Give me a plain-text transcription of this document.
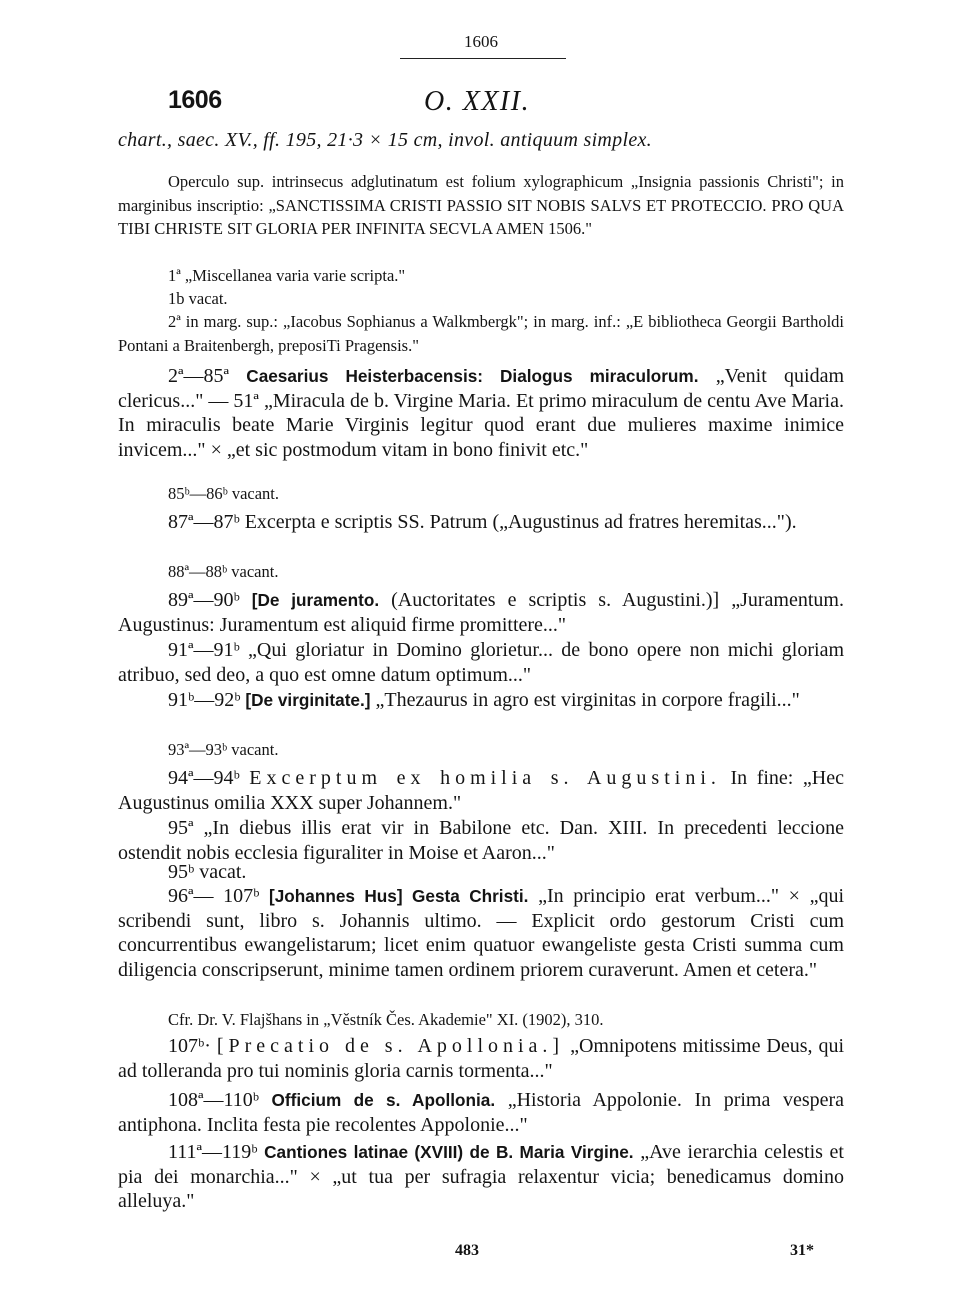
1606
1606	O. XXII.
chart., saec. XV., ff. 195, 21·3 × 15 cm, invol. antiquum simplex.
Operculo sup. intrinsecus adglutinatum est folium xylographicum „Insignia passionis Christi"; in marginibus inscriptio: „SANCTISSIMA CRISTI PASSIO SIT NOBIS SALVS ET PROTECCIO. PRO QUA TIBI CHRISTE SIT GLORIA PER INFINITA SECVLA AMEN 1506."
1ª „Miscellanea varia varie scripta."
1b vacat.
2ª in marg. sup.: „Iacobus Sophianus a Walkmbergk"; in marg. inf.: „E bibliotheca Georgii Bartholdi Pontani a Braitenbergh, preposiTi Pragensis."
2ª—85ª Caesarius Heisterbacensis: Dialogus miraculorum. „Venit quidam clericus..." — 51ª „Miracula de b. Virgine Maria. Et primo miraculum de centu Ave Maria. In miraculis beate Marie Virginis legitur quod erant due mulieres maxime inimice invicem..." × „et sic postmodum vitam in bono finivit etc."
85ᵇ—86ᵇ vacant.
87ª—87ᵇ Excerpta e scriptis SS. Patrum („Augustinus ad fratres heremitas...").
88ª—88ᵇ vacant.
89ª—90ᵇ [De juramento. (Auctoritates e scriptis s. Augustini.)] „Juramentum. Augustinus: Juramentum est aliquid firme promittere..."
91ª—91ᵇ „Qui gloriatur in Domino glorietur... de bono opere non michi gloriam atribuo, sed deo, a quo est omne datum optimum..."
91ᵇ—92ᵇ [De virginitate.] „Thezaurus in agro est virginitas in corpore fragili..."
93ª—93ᵇ vacant.
94ª—94ᵇ Excerptum ex homilia s. Augustini. In fine: „Hec Augustinus omilia XXX super Johannem."
95ª „In diebus illis erat vir in Babilone etc. Dan. XIII. In precedenti leccione ostendit nobis ecclesia figuraliter in Moise et Aaron..."
95ᵇ vacat.
96ª— 107ᵇ [Johannes Hus] Gesta Christi. „In principio erat verbum..." × „qui scribendi sunt, libro s. Johannis ultimo. — Explicit ordo gestorum Cristi cum concurrentibus ewangelistarum; licet enim quatuor ewangeliste gesta Cristi summa cum diligencia conscripserunt, minime tamen ordinem priorem curaverunt. Amen et cetera."
Cfr. Dr. V. Flajšhans in „Věstník Čes. Akademie" XI. (1902), 310.
107ᵇ· [Precatio de s. Apollonia.] „Omnipotens mitissime Deus, qui ad tolleranda pro tui nominis gloria carnis tormenta..."
108ª—110ᵇ Officium de s. Apollonia. „Historia Appolonie. In prima vespera antiphona. Inclita festa pie recolentes Appolonie..."
111ª—119ᵇ Cantiones latinae (XVIII) de B. Maria Virgine. „Ave ierarchia celestis et pia dei monarchia..." × „ut tua per sufragia relaxentur vicia; benedicamus domino alleluya."
483	31*
